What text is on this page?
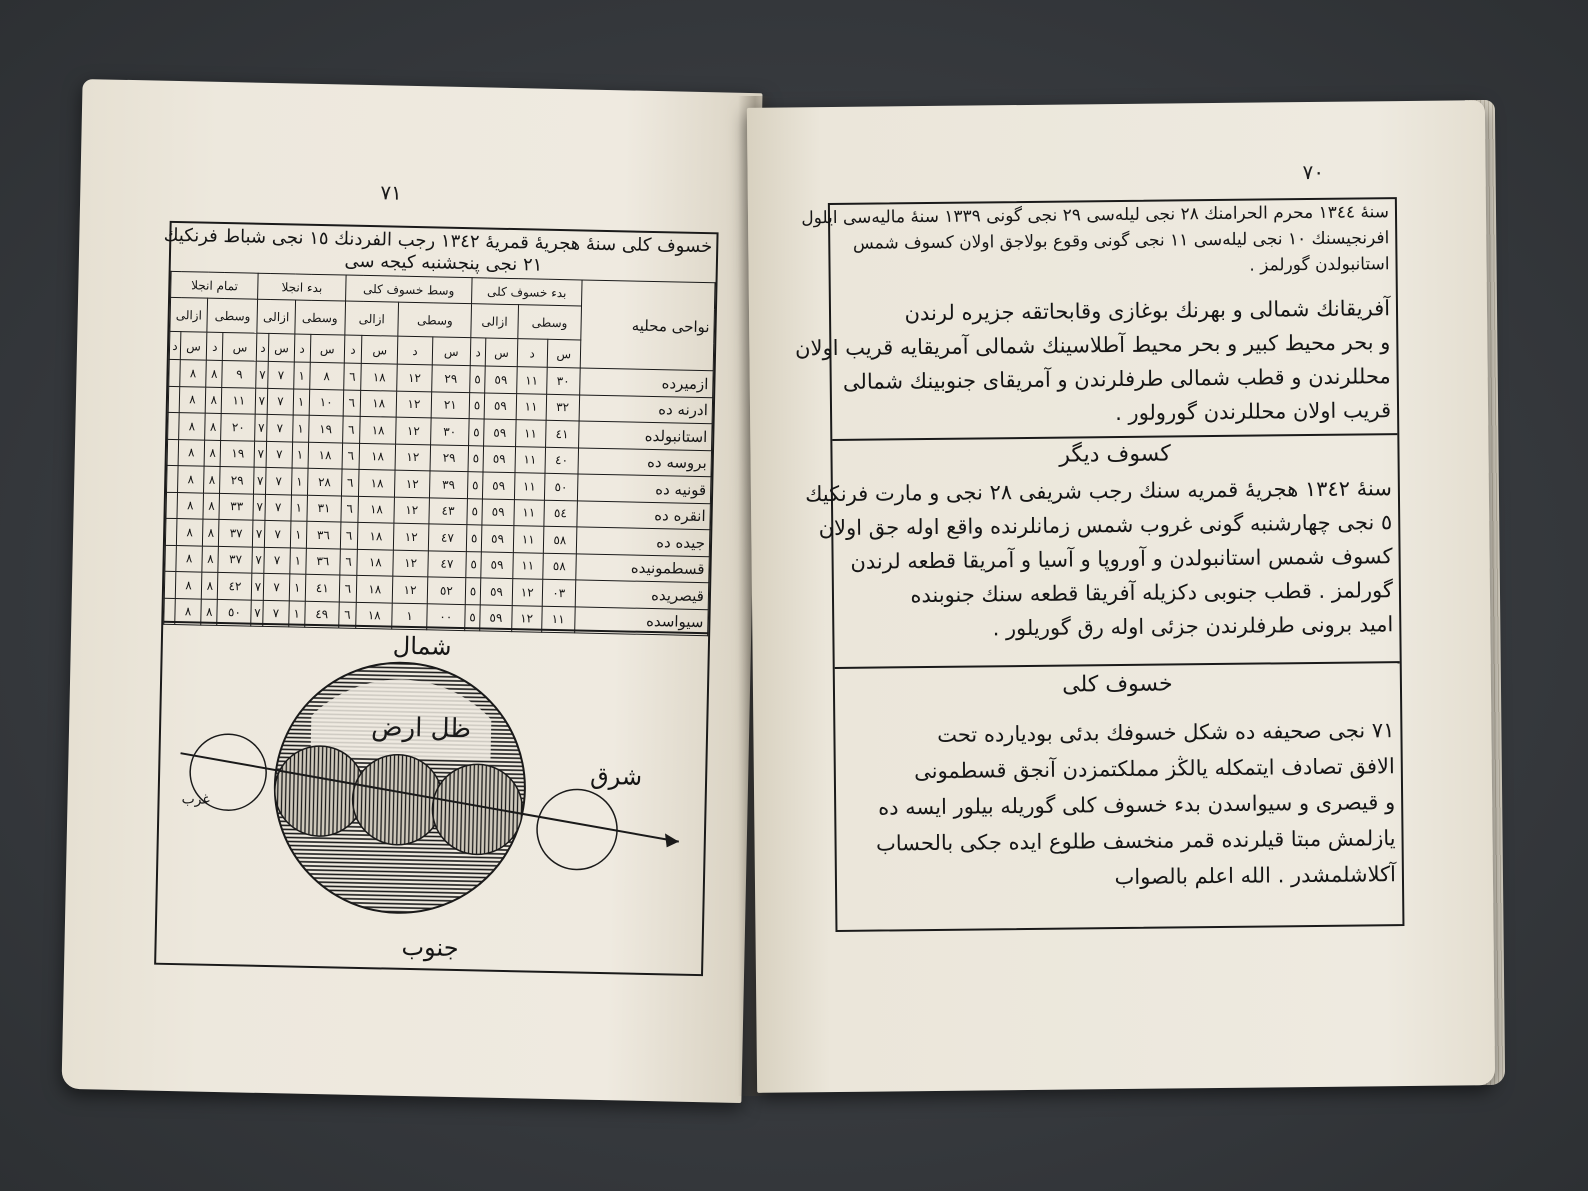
٧١
خسوف كلی سنۀ هجريۀ قمريۀ ١٣٤٢ رجب الفردنك ١٥ نجی شباط فرنكيك
٢١ نجی پنجشنبه كيجه سی
نواحی محلیه	بدء خسوف كلی				وسط خسوف كلی				بدء انجلا				تمام انجلا			
	وسطی		ازالی		وسطی		ازالی		وسطی		ازالی		وسطی		ازالی	
	س	د	س	د	س	د	س	د	س	د	س	د	س	د	س	د
ازمیرده	٣٠	١١	٥٩	٥	٢٩	١٢	١٨	٦	٨	١	٧	٧	٩	٨	٨	
ادرنه ده	٣٢	١١	٥٩	٥	٢١	١٢	١٨	٦	١٠	١	٧	٧	١١	٨	٨	
استانبولده	٤١	١١	٥٩	٥	٣٠	١٢	١٨	٦	١٩	١	٧	٧	٢٠	٨	٨	
بروسه ده	٤٠	١١	٥٩	٥	٢٩	١٢	١٨	٦	١٨	١	٧	٧	١٩	٨	٨	
قونيه ده	٥٠	١١	٥٩	٥	٣٩	١٢	١٨	٦	٢٨	١	٧	٧	٢٩	٨	٨	
انقره ده	٥٤	١١	٥٩	٥	٤٣	١٢	١٨	٦	٣١	١	٧	٧	٣٣	٨	٨	
جیده ده	٥٨	١١	٥٩	٥	٤٧	١٢	١٨	٦	٣٦	١	٧	٧	٣٧	٨	٨	
قسطمونیده	٥٨	١١	٥٩	٥	٤٧	١٢	١٨	٦	٣٦	١	٧	٧	٣٧	٨	٨	
قیصریده	٠٣	١٢	٥٩	٥	٥٢	١٢	١٨	٦	٤١	١	٧	٧	٤٢	٨	٨	
سیواسده	١١	١٢	٥٩	٥	٠٠	١	١٨	٦	٤٩	١	٧	٧	٥٠	٨	٨	
شمال
جنوب
شرق
ظل ارض
غرب
٧٠
سنۀ ١٣٤٤ محرم الحرامنك ٢٨ نجی ليله‌سی ٢٩ نجی گونی ١٣٣٩ سنۀ ماليه‌سی ايلول
افرنجيسنك ١٠ نجی ليله‌سی ١١ نجی گونی وقوع بولاجق اولان كسوف شمس
استانبولدن گورلمز .
آفريقانك شمالی و بهرنك بوغازی وقابحاتقه جزيره لرندن
و بحر محيط كبير و بحر محيط آطلاسينك شمالی آمريقايه قريب اولان
محللرندن و قطب شمالی طرفلرندن و آمريقای جنوبينك شمالی
قريب اولان محللرندن گورولور .
كسوف ديگر
سنۀ ١٣٤٢ هجريۀ قمريه سنك رجب شريفی ٢٨ نجی و مارت فرنكيك
٥ نجی چهارشنبه گونی غروب شمس زمانلرنده واقع اوله جق اولان
كسوف شمس استانبولدن و آوروپا و آسيا و آمريقا قطعه لرندن
گورلمز . قطب جنوبی دكزيله آفريقا قطعه سنك جنوبنده
اميد برونی طرفلرندن جزئی اوله رق گوريلور .
خسوف كلی
٧١ نجی صحيفه ده شكل خسوفك بدئی بوديارده تحت
الافق تصادف ايتمكله يالڭز مملكتمزدن آنجق قسطمونی
و قيصری و سيواسدن بدء خسوف كلی گوريله بيلور ايسه ده
يازلمش مبتا قيلرنده قمر منخسف طلوع ايده جكی بالحساب
آكلاشلمشدر . الله اعلم بالصواب
